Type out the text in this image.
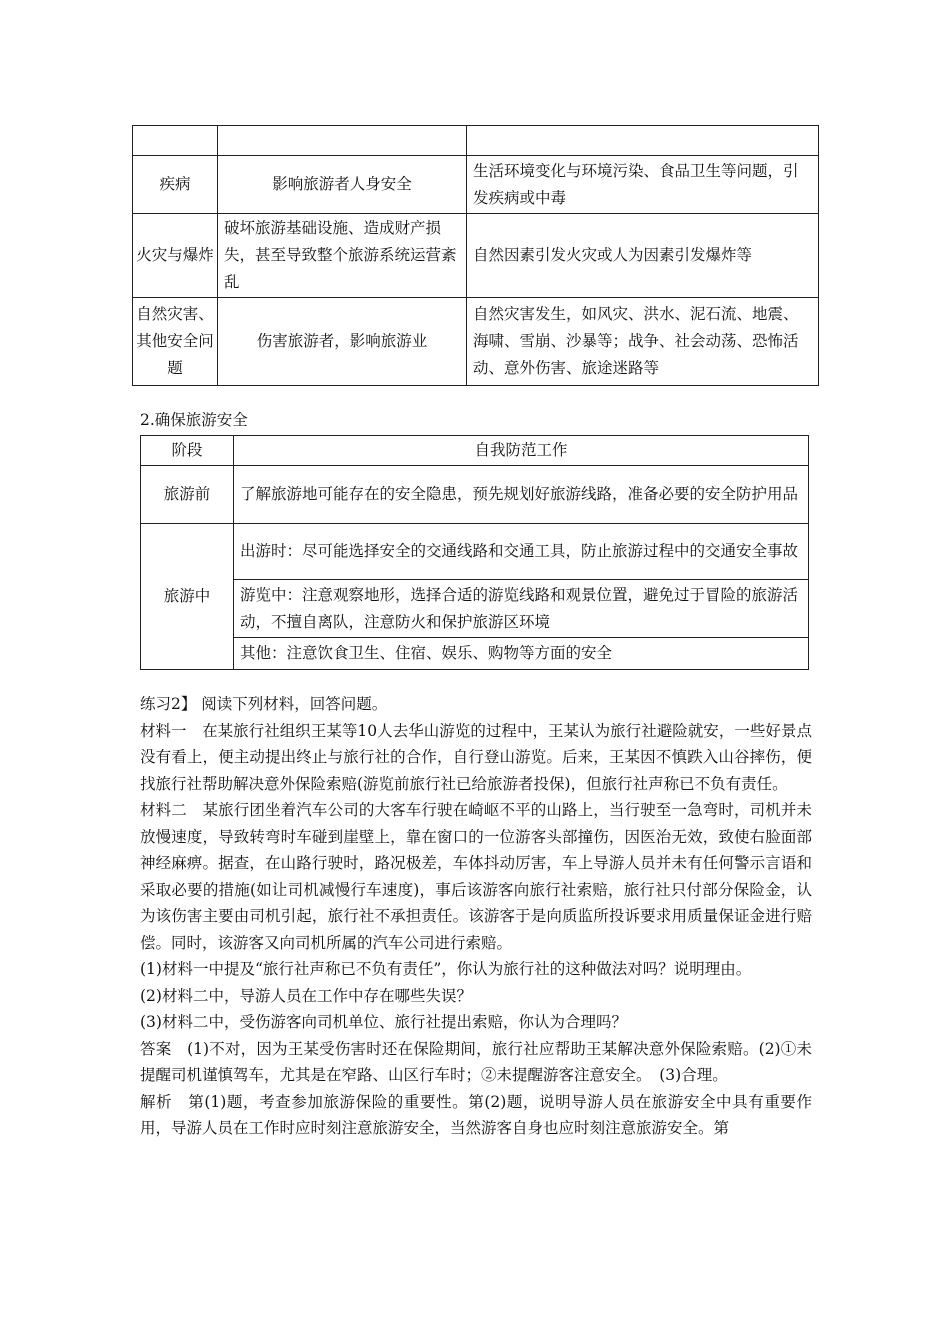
疾病	影响旅游者人身安全	生活环境变化与环境污染、食品卫生等问题，引发疾病或中毒
火灾与爆炸	破坏旅游基础设施、造成财产损失，甚至导致整个旅游系统运营紊乱	自然因素引发火灾或人为因素引发爆炸等
自然灾害、其他安全问题	伤害旅游者，影响旅游业	自然灾害发生，如风灾、洪水、泥石流、地震、海啸、雪崩、沙暴等；战争、社会动荡、恐怖活动、意外伤害、旅途迷路等
2.确保旅游安全
阶段	自我防范工作
旅游前	了解旅游地可能存在的安全隐患，预先规划好旅游线路，准备必要的安全防护用品
旅游中	出游时：尽可能选择安全的交通线路和交通工具，防止旅游过程中的交通安全事故
	游览中：注意观察地形，选择合适的游览线路和观景位置，避免过于冒险的旅游活动，不擅自离队，注意防火和保护旅游区环境
	其他：注意饮食卫生、住宿、娱乐、购物等方面的安全

练习2】 阅读下列材料，回答问题。

材料一　在某旅行社组织王某等10人去华山游览的过程中，王某认为旅行社避险就安，一些好景点没有看上，便主动提出终止与旅行社的合作，自行登山游览。后来，王某因不慎跌入山谷摔伤，便找旅行社帮助解决意外保险索赔(游览前旅行社已给旅游者投保)，但旅行社声称已不负有责任。

材料二　某旅行团坐着汽车公司的大客车行驶在崎岖不平的山路上，当行驶至一急弯时，司机并未放慢速度，导致转弯时车碰到崖壁上，靠在窗口的一位游客头部撞伤，因医治无效，致使右脸面部神经麻痹。据查，在山路行驶时，路况极差，车体抖动厉害，车上导游人员并未有任何警示言语和采取必要的措施(如让司机减慢行车速度)，事后该游客向旅行社索赔，旅行社只付部分保险金，认为该伤害主要由司机引起，旅行社不承担责任。该游客于是向质监所投诉要求用质量保证金进行赔偿。同时，该游客又向司机所属的汽车公司进行索赔。

(1)材料一中提及“旅行社声称已不负有责任”，你认为旅行社的这种做法对吗？说明理由。

(2)材料二中，导游人员在工作中存在哪些失误？

(3)材料二中，受伤游客向司机单位、旅行社提出索赔，你认为合理吗？

答案　(1)不对，因为王某受伤害时还在保险期间，旅行社应帮助王某解决意外保险索赔。(2)①未提醒司机谨慎驾车，尤其是在窄路、山区行车时；②未提醒游客注意安全。　(3)合理。

解析　第(1)题，考查参加旅游保险的重要性。第(2)题，说明导游人员在旅游安全中具有重要作用，导游人员在工作时应时刻注意旅游安全，当然游客自身也应时刻注意旅游安全。第
